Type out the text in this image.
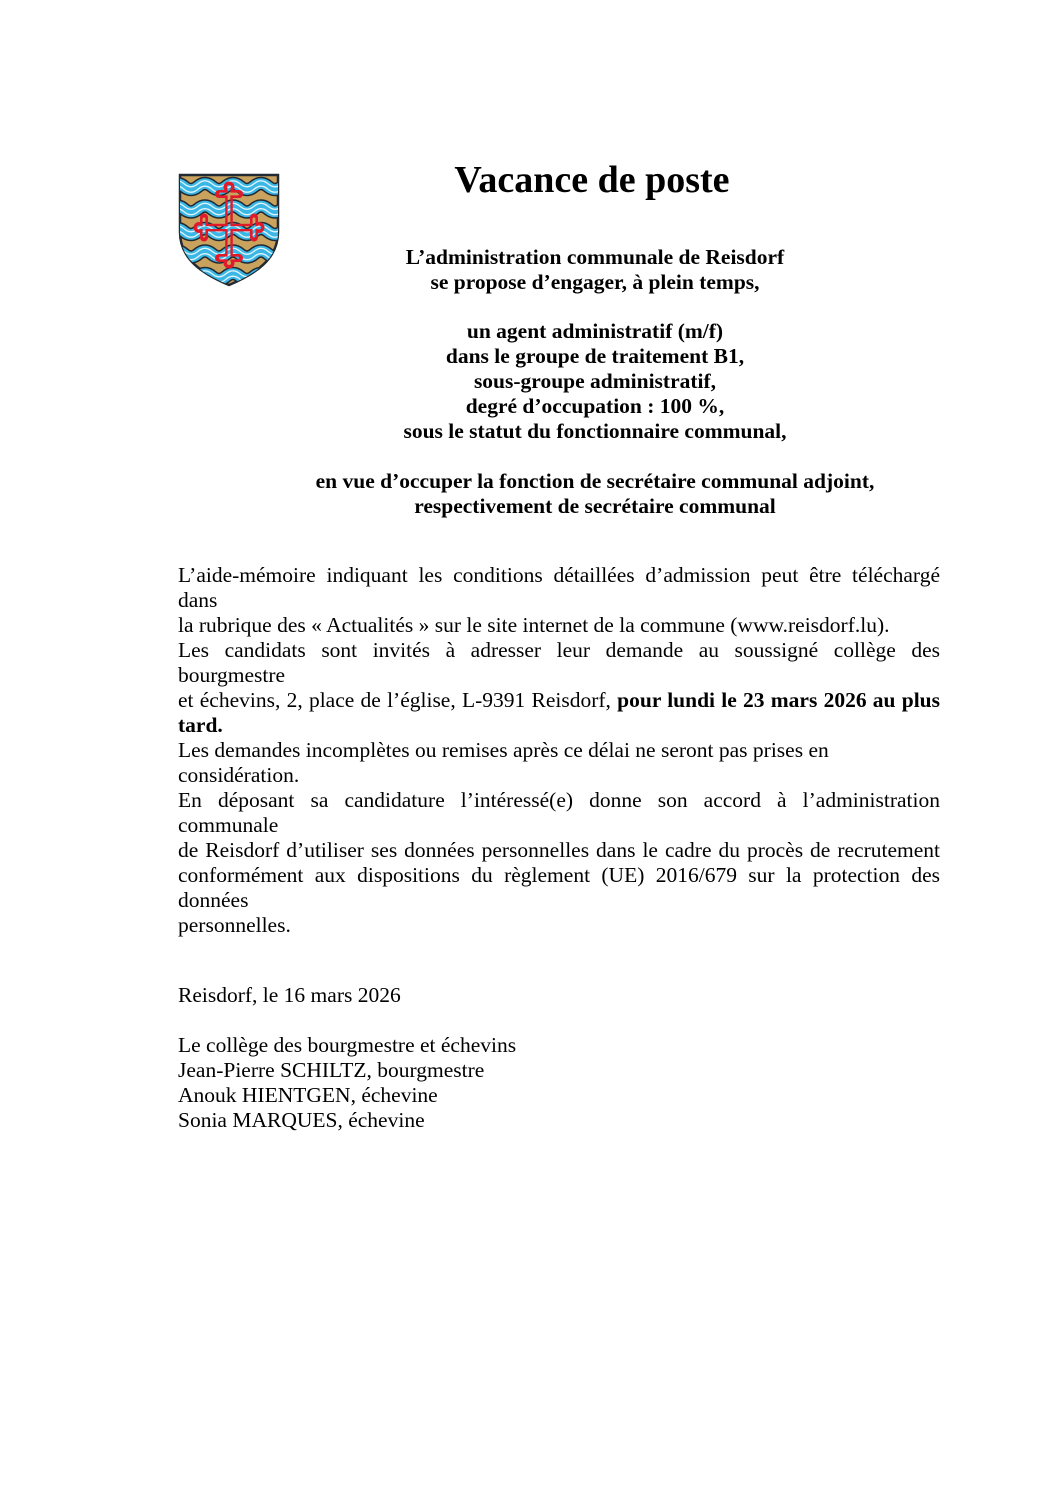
Vacance de poste
L’administration communale de Reisdorf
se propose d’engager, à plein temps,
un agent administratif (m/f)
dans le groupe de traitement B1,
sous-groupe administratif,
degré d’occupation : 100 %,
sous le statut du fonctionnaire communal,
en vue d’occuper la fonction de secrétaire communal adjoint,
respectivement de secrétaire communal
L’aide-mémoire indiquant les conditions détaillées d’admission peut être téléchargé dans
la rubrique des « Actualités » sur le site internet de la commune (www.reisdorf.lu).
Les candidats sont invités à adresser leur demande au soussigné collège des bourgmestre
et échevins, 2, place de l’église, L-9391 Reisdorf, pour lundi le 23 mars 2026 au plus
tard.
Les demandes incomplètes ou remises après ce délai ne seront pas prises en considération.
En déposant sa candidature l’intéressé(e) donne son accord à l’administration communale
de Reisdorf d’utiliser ses données personnelles dans le cadre du procès de recrutement
conformément aux dispositions du règlement (UE) 2016/679 sur la protection des données
personnelles.
Reisdorf, le 16 mars 2026
Le collège des bourgmestre et échevins
Jean-Pierre SCHILTZ, bourgmestre
Anouk HIENTGEN, échevine
Sonia MARQUES, échevine
